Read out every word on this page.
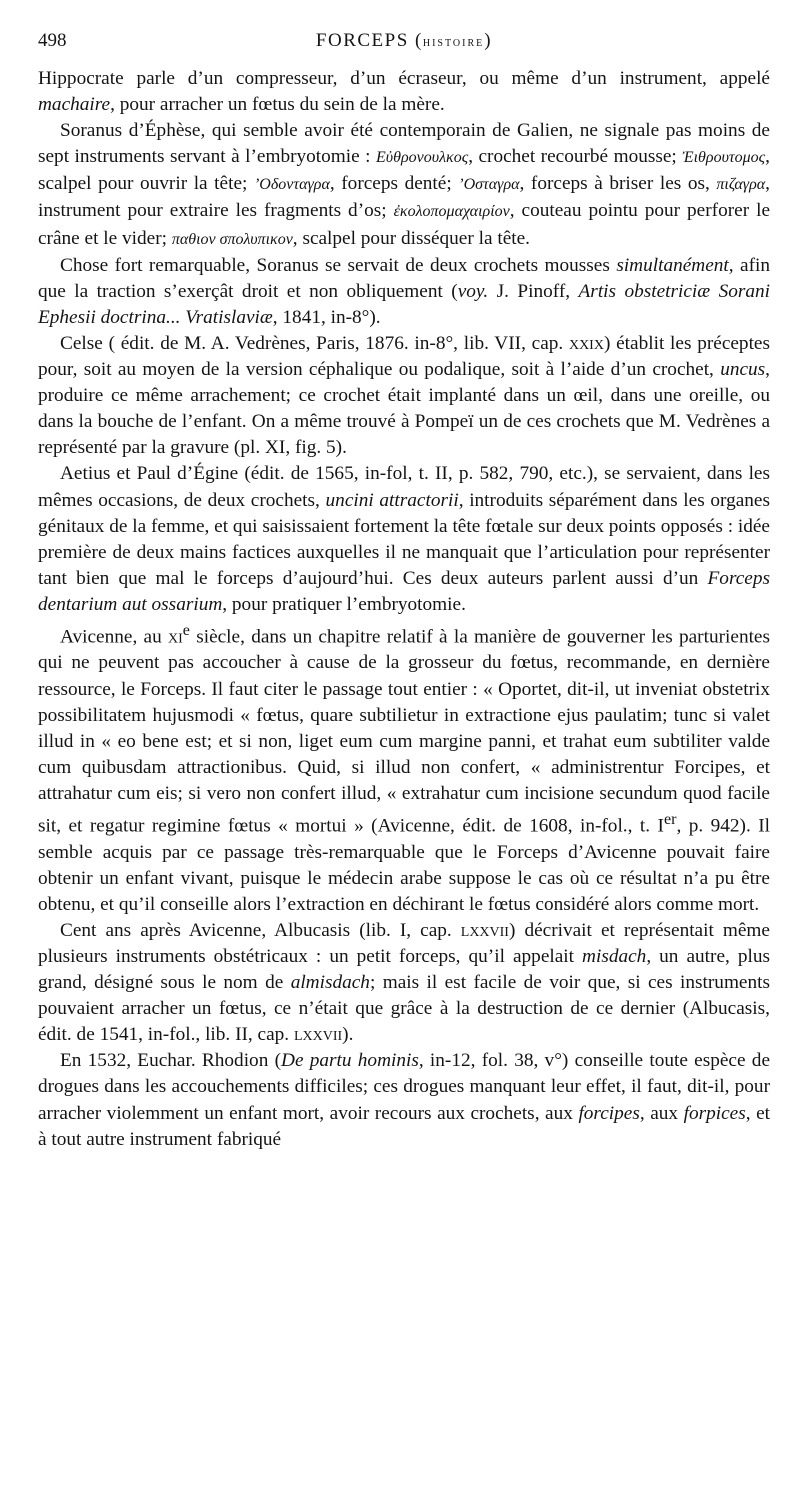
498	FORCEPS (histoire)

Hippocrate parle d’un compresseur, d’un écraseur, ou même d’un instrument, appelé machaire, pour arracher un fœtus du sein de la mère.

Soranus d’Éphèse, qui semble avoir été contemporain de Galien, ne signale pas moins de sept instruments servant à l’embryotomie : Εὐθρονουλκος, crochet recourbé mousse; Ἐιθρουτομος, scalpel pour ouvrir la tête; ’Οδονταγρα, forceps denté; ’Οσταγρα, forceps à briser les os, πιζαγρα, instrument pour extraire les fragments d’os; ἐκολοπομαχαιρίον, couteau pointu pour perforer le crâne et le vider; παθιον σπολυπικον, scalpel pour disséquer la tête.

Chose fort remarquable, Soranus se servait de deux crochets mousses simultanément, afin que la traction s’exerçât droit et non obliquement (voy. J. Pinoff, Artis obstetriciæ Sorani Ephesii doctrina... Vratislaviæ, 1841, in-8°).

Celse ( édit. de M. A. Vedrènes, Paris, 1876. in-8°, lib. VII, cap. xxix) établit les préceptes pour, soit au moyen de la version céphalique ou podalique, soit à l’aide d’un crochet, uncus, produire ce même arrachement; ce crochet était implanté dans un œil, dans une oreille, ou dans la bouche de l’enfant. On a même trouvé à Pompeï un de ces crochets que M. Vedrènes a représenté par la gravure (pl. XI, fig. 5).

Aetius et Paul d’Égine (édit. de 1565, in-fol, t. II, p. 582, 790, etc.), se servaient, dans les mêmes occasions, de deux crochets, uncini attractorii, introduits séparément dans les organes génitaux de la femme, et qui saisissaient fortement la tête fœtale sur deux points opposés : idée première de deux mains factices auxquelles il ne manquait que l’articulation pour représenter tant bien que mal le forceps d’aujourd’hui. Ces deux auteurs parlent aussi d’un Forceps dentarium aut ossarium, pour pratiquer l’embryotomie.

Avicenne, au $xi^e$ siècle, dans un chapitre relatif à la manière de gouverner les parturientes qui ne peuvent pas accoucher à cause de la grosseur du fœtus, recommande, en dernière ressource, le Forceps. Il faut citer le passage tout entier : « Oportet, dit-il, ut inveniat obstetrix possibilitatem hujusmodi « fœtus, quare subtilietur in extractione ejus paulatim; tunc si valet illud in « eo bene est; et si non, liget eum cum margine panni, et trahat eum subtiliter valde cum quibusdam attractionibus. Quid, si illud non confert, « administrentur Forcipes, et attrahatur cum eis; si vero non confert illud, « extrahatur cum incisione secundum quod facile sit, et regatur regimine fœtus « mortui » (Avicenne, édit. de 1608, in-fol., t. Ier, p. 942). Il semble acquis par ce passage très-remarquable que le Forceps d’Avicenne pouvait faire obtenir un enfant vivant, puisque le médecin arabe suppose le cas où ce résultat n’a pu être obtenu, et qu’il conseille alors l’extraction en déchirant le fœtus considéré alors comme mort.

Cent ans après Avicenne, Albucasis (lib. I, cap. lxxvii) décrivait et représentait même plusieurs instruments obstétricaux : un petit forceps, qu’il appelait misdach, un autre, plus grand, désigné sous le nom de almisdach; mais il est facile de voir que, si ces instruments pouvaient arracher un fœtus, ce n’était que grâce à la destruction de ce dernier (Albucasis, édit. de 1541, in-fol., lib. II, cap. lxxvii).

En 1532, Euchar. Rhodion (De partu hominis, in-12, fol. 38, v°) conseille toute espèce de drogues dans les accouchements difficiles; ces drogues manquant leur effet, il faut, dit-il, pour arracher violemment un enfant mort, avoir recours aux crochets, aux forcipes, aux forpices, et à tout autre instrument fabriqué
